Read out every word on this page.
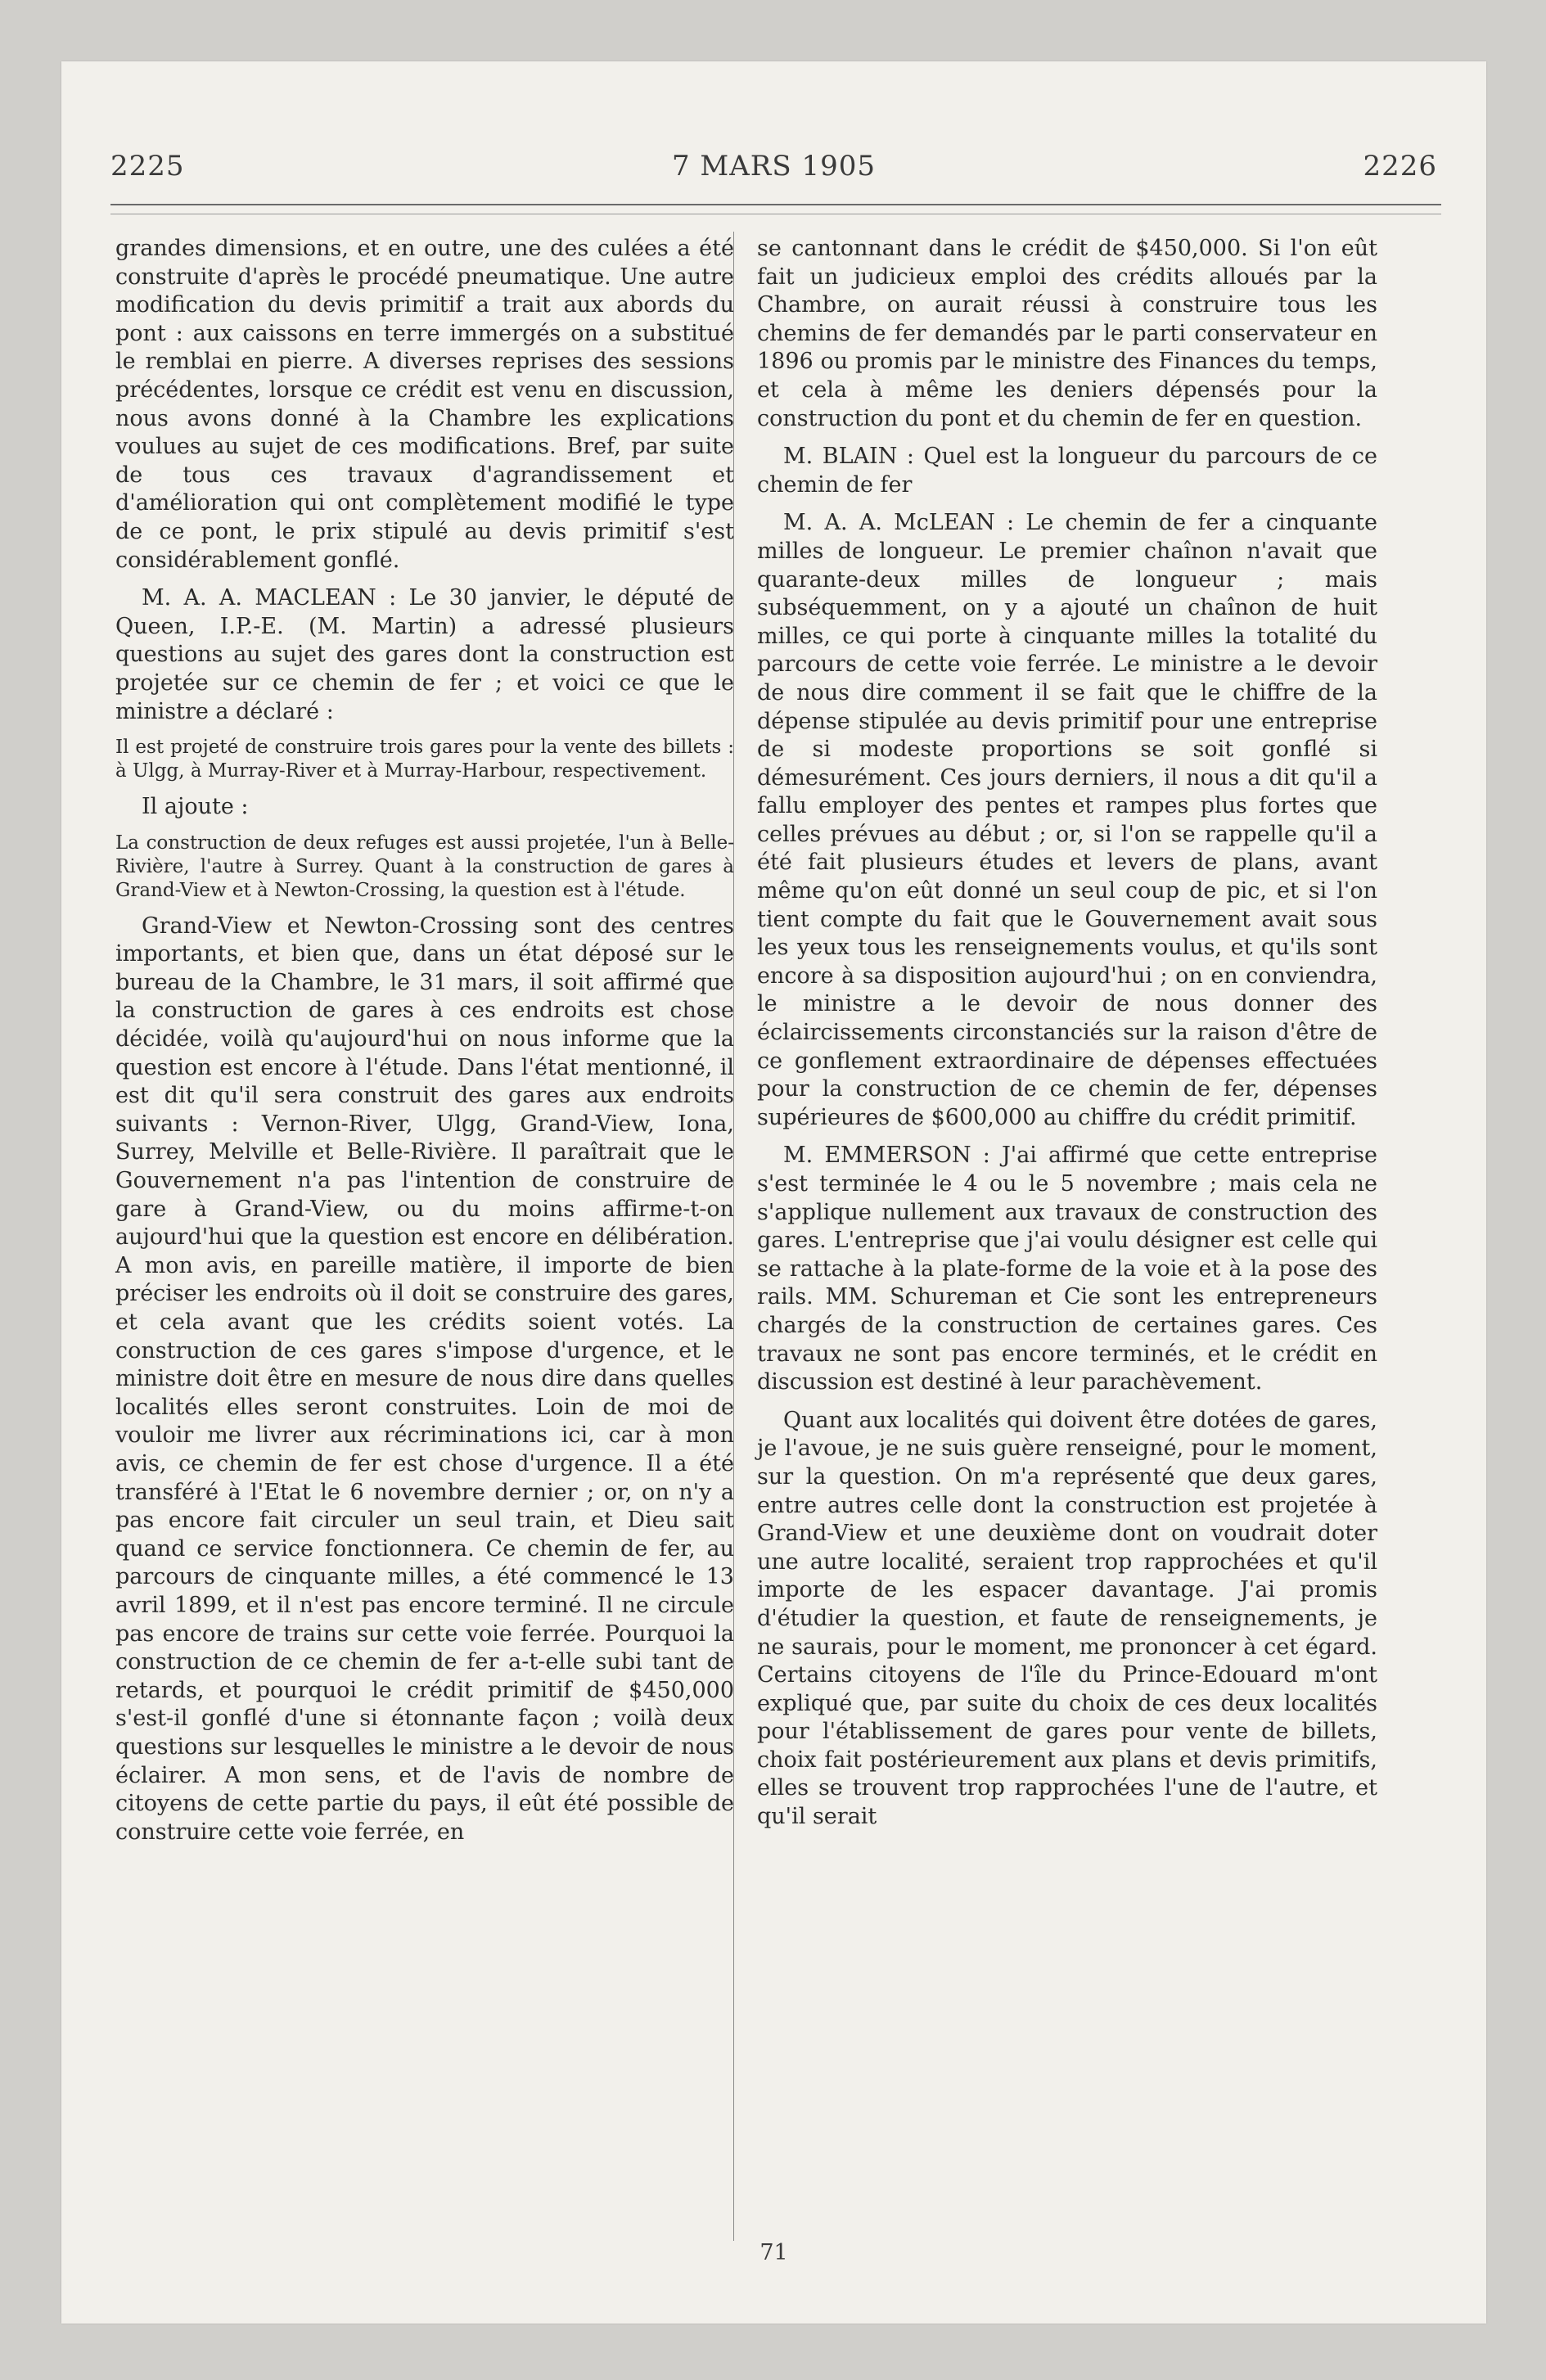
2225	7 MARS 1905	2226

grandes dimensions, et en outre, une des culées a été construite d'après le procédé pneumatique. Une autre modification du devis primitif a trait aux abords du pont : aux caissons en terre immergés on a substitué le remblai en pierre. A diverses reprises des sessions précédentes, lorsque ce crédit est venu en discussion, nous avons donné à la Chambre les explications voulues au sujet de ces modifications. Bref, par suite de tous ces travaux d'agrandissement et d'amélioration qui ont complètement modifié le type de ce pont, le prix stipulé au devis primitif s'est considérablement gonflé.

M. A. A. MACLEAN : Le 30 janvier, le député de Queen, I.P.-E. (M. Martin) a adressé plusieurs questions au sujet des gares dont la construction est projetée sur ce chemin de fer ; et voici ce que le ministre a déclaré :

Il est projeté de construire trois gares pour la vente des billets : à Ulgg, à Murray-River et à Murray-Harbour, respectivement.

Il ajoute :

La construction de deux refuges est aussi projetée, l'un à Belle-Rivière, l'autre à Surrey. Quant à la construction de gares à Grand-View et à Newton-Crossing, la question est à l'étude.

Grand-View et Newton-Crossing sont des centres importants, et bien que, dans un état déposé sur le bureau de la Chambre, le 31 mars, il soit affirmé que la construction de gares à ces endroits est chose décidée, voilà qu'aujourd'hui on nous informe que la question est encore à l'étude. Dans l'état mentionné, il est dit qu'il sera construit des gares aux endroits suivants : Vernon-River, Ulgg, Grand-View, Iona, Surrey, Melville et Belle-Rivière. Il paraîtrait que le Gouvernement n'a pas l'intention de construire de gare à Grand-View, ou du moins affirme-t-on aujourd'hui que la question est encore en délibération. A mon avis, en pareille matière, il importe de bien préciser les endroits où il doit se construire des gares, et cela avant que les crédits soient votés. La construction de ces gares s'impose d'urgence, et le ministre doit être en mesure de nous dire dans quelles localités elles seront construites. Loin de moi de vouloir me livrer aux récriminations ici, car à mon avis, ce chemin de fer est chose d'urgence. Il a été transféré à l'Etat le 6 novembre dernier ; or, on n'y a pas encore fait circuler un seul train, et Dieu sait quand ce service fonctionnera. Ce chemin de fer, au parcours de cinquante milles, a été commencé le 13 avril 1899, et il n'est pas encore terminé. Il ne circule pas encore de trains sur cette voie ferrée. Pourquoi la construction de ce chemin de fer a-t-elle subi tant de retards, et pourquoi le crédit primitif de $450,000 s'est-il gonflé d'une si étonnante façon ; voilà deux questions sur lesquelles le ministre a le devoir de nous éclairer. A mon sens, et de l'avis de nombre de citoyens de cette partie du pays, il eût été possible de construire cette voie ferrée, en

se cantonnant dans le crédit de $450,000. Si l'on eût fait un judicieux emploi des crédits alloués par la Chambre, on aurait réussi à construire tous les chemins de fer demandés par le parti conservateur en 1896 ou promis par le ministre des Finances du temps, et cela à même les deniers dépensés pour la construction du pont et du chemin de fer en question.

M. BLAIN : Quel est la longueur du parcours de ce chemin de fer

M. A. A. McLEAN : Le chemin de fer a cinquante milles de longueur. Le premier chaînon n'avait que quarante-deux milles de longueur ; mais subséquemment, on y a ajouté un chaînon de huit milles, ce qui porte à cinquante milles la totalité du parcours de cette voie ferrée. Le ministre a le devoir de nous dire comment il se fait que le chiffre de la dépense stipulée au devis primitif pour une entreprise de si modeste proportions se soit gonflé si démesurément. Ces jours derniers, il nous a dit qu'il a fallu employer des pentes et rampes plus fortes que celles prévues au début ; or, si l'on se rappelle qu'il a été fait plusieurs études et levers de plans, avant même qu'on eût donné un seul coup de pic, et si l'on tient compte du fait que le Gouvernement avait sous les yeux tous les renseignements voulus, et qu'ils sont encore à sa disposition aujourd'hui ; on en conviendra, le ministre a le devoir de nous donner des éclaircissements circonstanciés sur la raison d'être de ce gonflement extraordinaire de dépenses effectuées pour la construction de ce chemin de fer, dépenses supérieures de $600,000 au chiffre du crédit primitif.

M. EMMERSON : J'ai affirmé que cette entreprise s'est terminée le 4 ou le 5 novembre ; mais cela ne s'applique nullement aux travaux de construction des gares. L'entreprise que j'ai voulu désigner est celle qui se rattache à la plate-forme de la voie et à la pose des rails. MM. Schureman et Cie sont les entrepreneurs chargés de la construction de certaines gares. Ces travaux ne sont pas encore terminés, et le crédit en discussion est destiné à leur parachèvement.

Quant aux localités qui doivent être dotées de gares, je l'avoue, je ne suis guère renseigné, pour le moment, sur la question. On m'a représenté que deux gares, entre autres celle dont la construction est projetée à Grand-View et une deuxième dont on voudrait doter une autre localité, seraient trop rapprochées et qu'il importe de les espacer davantage. J'ai promis d'étudier la question, et faute de renseignements, je ne saurais, pour le moment, me prononcer à cet égard. Certains citoyens de l'île du Prince-Edouard m'ont expliqué que, par suite du choix de ces deux localités pour l'établissement de gares pour vente de billets, choix fait postérieurement aux plans et devis primitifs, elles se trouvent trop rapprochées l'une de l'autre, et qu'il serait

71
